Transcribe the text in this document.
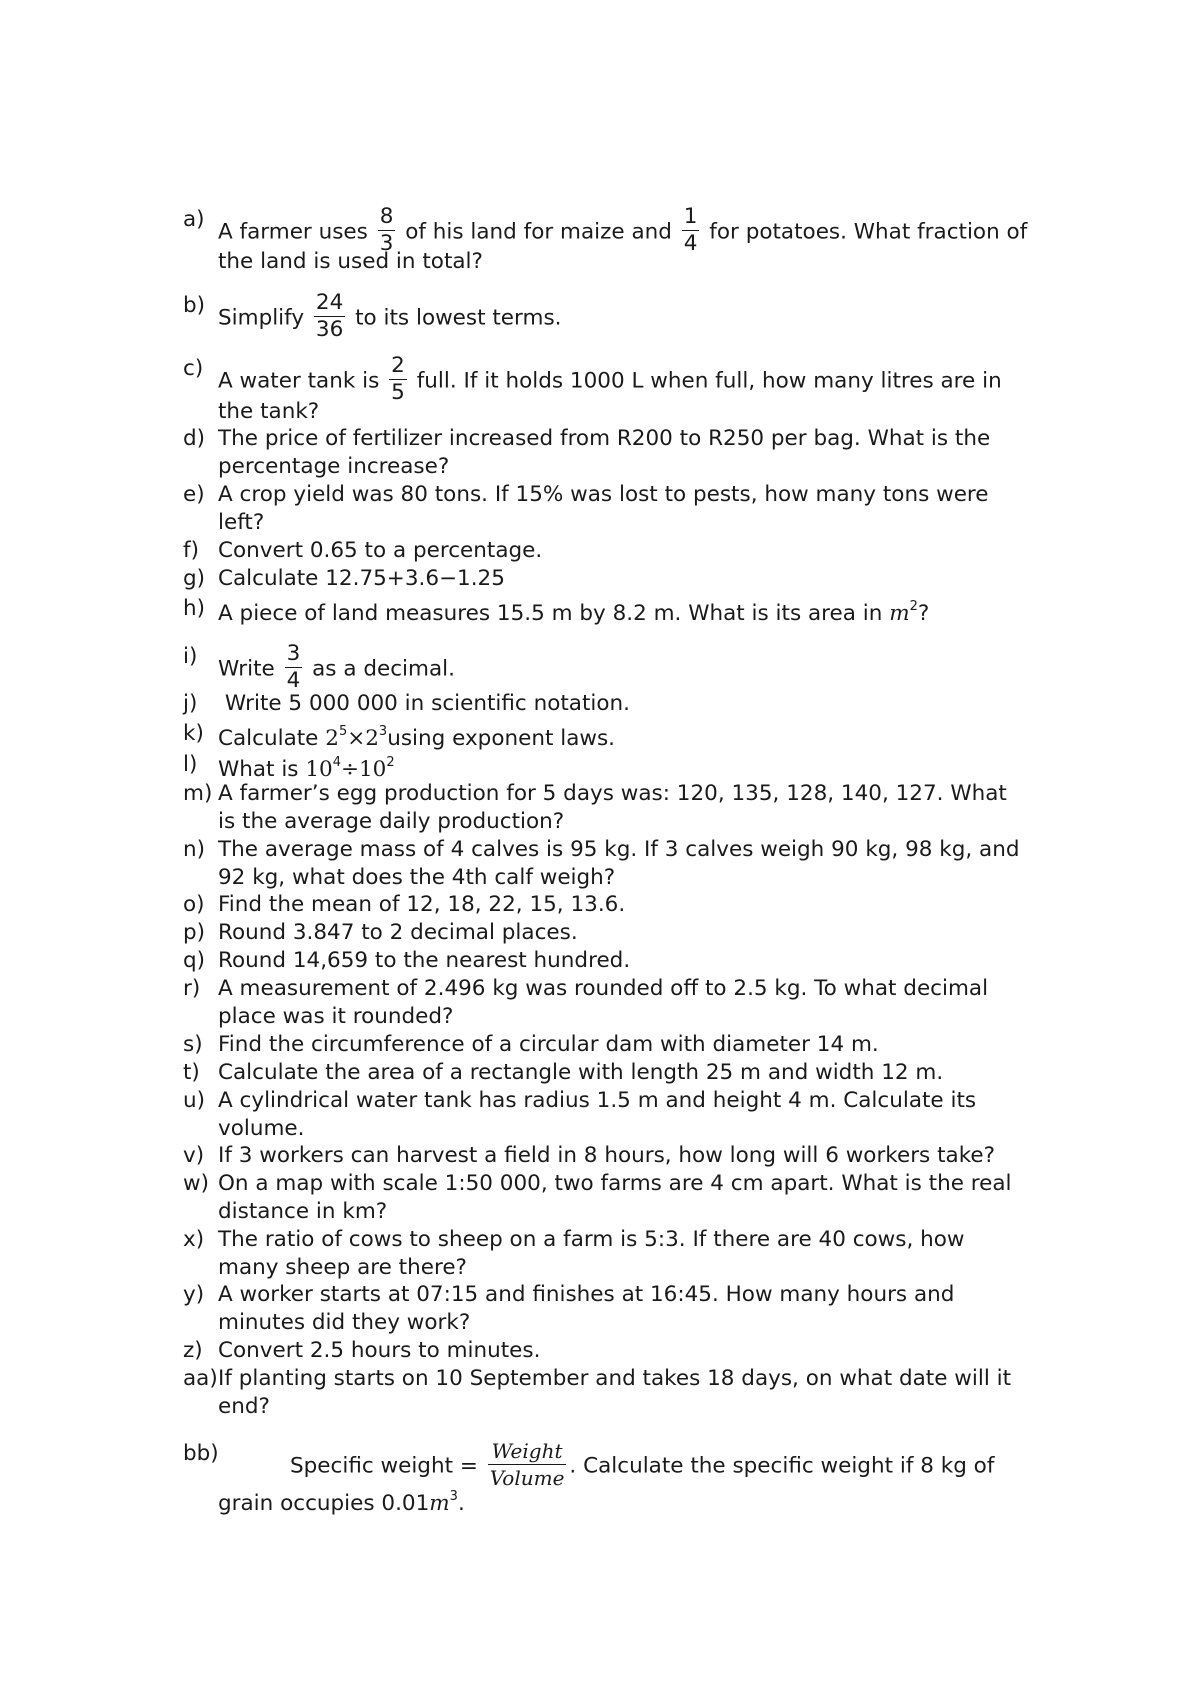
a) A farmer uses $\frac{8}{3}$ of his land for maize and $\frac{1}{4}$ for potatoes. What fraction of
the land is used in total?
b) Simplify $\frac{24}{36}$ to its lowest terms.
c) A water tank is $\frac{2}{5}$ full. If it holds 1000 L when full, how many litres are in
the tank?
d) The price of fertilizer increased from R200 to R250 per bag. What is the
percentage increase?
e) A crop yield was 80 tons. If 15% was lost to pests, how many tons were
left?
f) Convert 0.65 to a percentage.
g) Calculate 12.75+3.6−1.25
h) A piece of land measures 15.5 m by 8.2 m. What is its area in $m^2$?
i) Write $\frac{3}{4}$ as a decimal.
j) Write 5 000 000 in scientific notation.
k) Calculate $2^5\times 2^3using$ exponent laws.
l) What is $10^4\div 10^2$
m) A farmer’s egg production for 5 days was: 120, 135, 128, 140, 127. What
is the average daily production?
n) The average mass of 4 calves is 95 kg. If 3 calves weigh 90 kg, 98 kg, and
92 kg, what does the 4th calf weigh?
o) Find the mean of 12, 18, 22, 15, 13.6.
p) Round 3.847 to 2 decimal places.
q) Round 14,659 to the nearest hundred.
r) A measurement of 2.496 kg was rounded off to 2.5 kg. To what decimal
place was it rounded?
s) Find the circumference of a circular dam with diameter 14 m.
t) Calculate the area of a rectangle with length 25 m and width 12 m.
u) A cylindrical water tank has radius 1.5 m and height 4 m. Calculate its
volume.
v) If 3 workers can harvest a field in 8 hours, how long will 6 workers take?
w) On a map with scale 1:50 000, two farms are 4 cm apart. What is the real
distance in km?
x) The ratio of cows to sheep on a farm is 5:3. If there are 40 cows, how
many sheep are there?
y) A worker starts at 07:15 and finishes at 16:45. How many hours and
minutes did they work?
z) Convert 2.5 hours to minutes.
aa) If planting starts on 10 September and takes 18 days, on what date will it
end?
bb)	Specific weight = $\frac{\text{Weight}}{\text{Volume}}$ . Calculate the specific weight if 8 kg of
grain occupies $0.01m^3$.
